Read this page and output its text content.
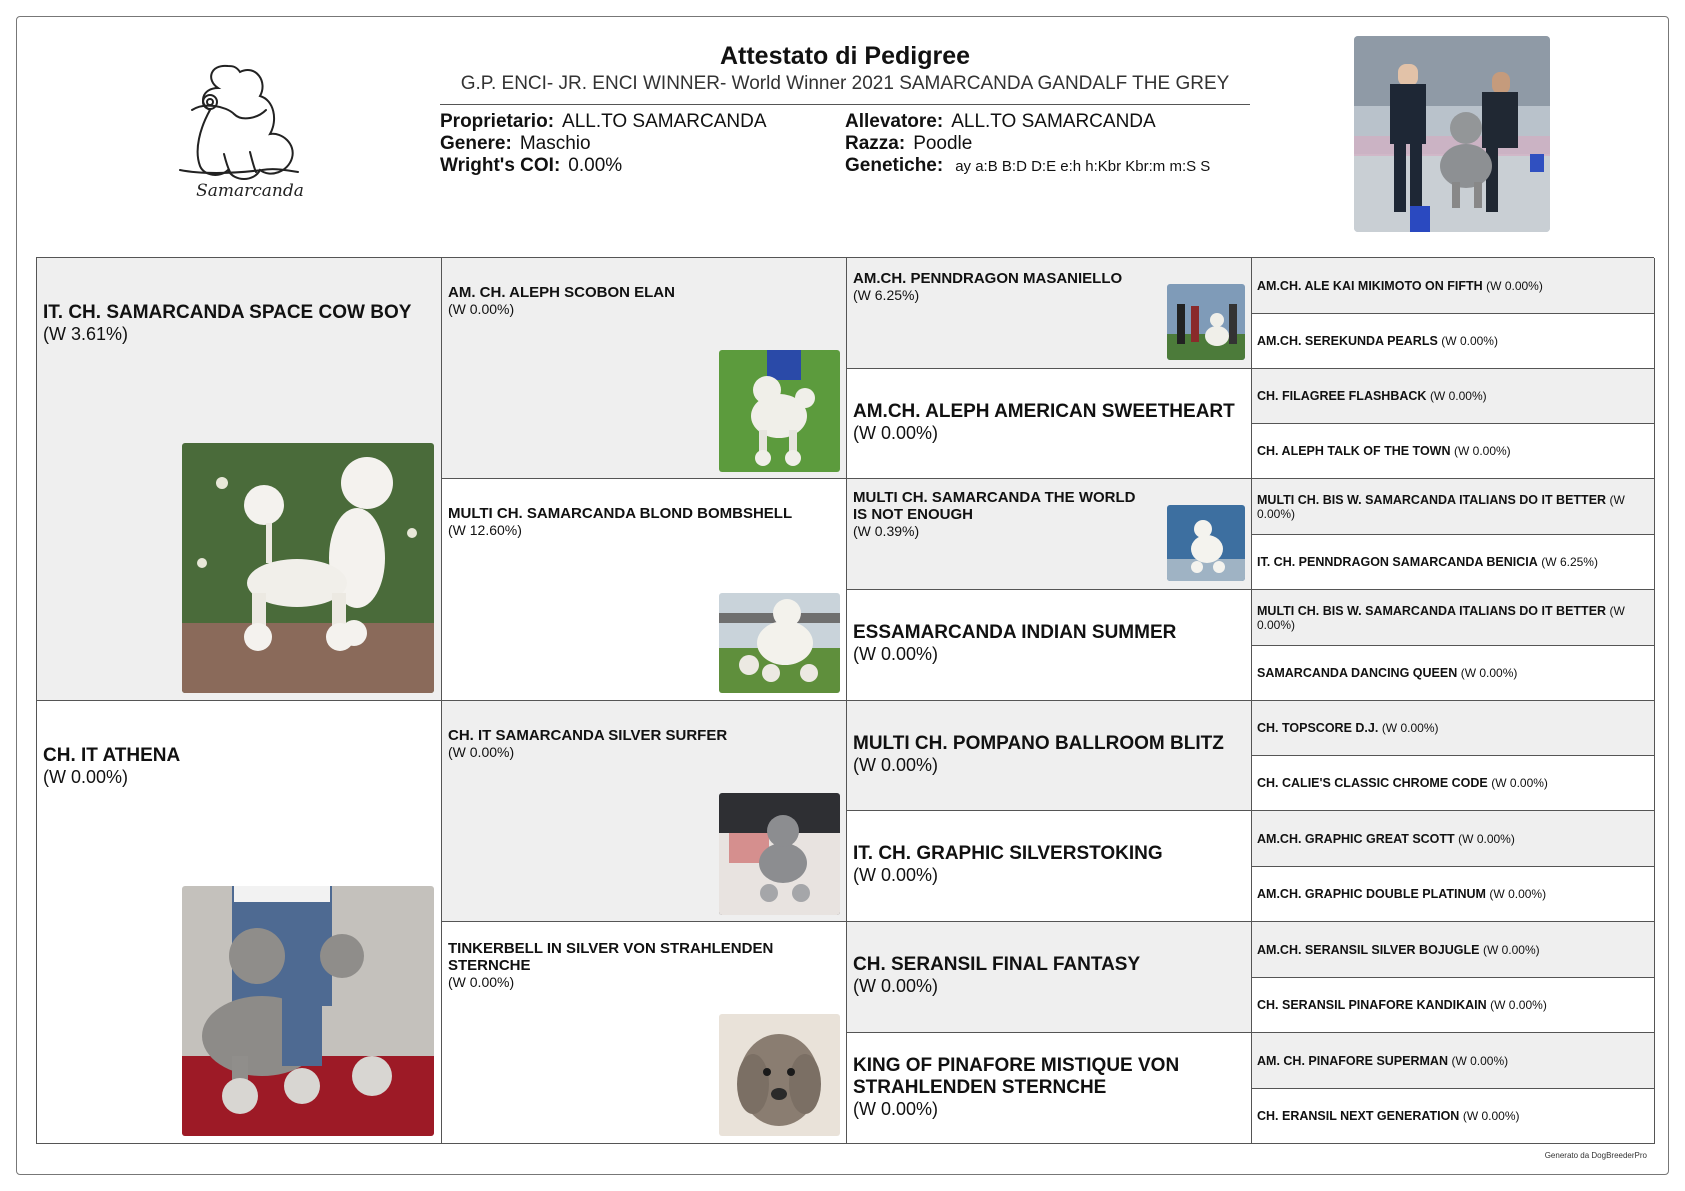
Samarcanda
Attestato di Pedigree
G.P. ENCI- JR. ENCI WINNER- World Winner 2021 SAMARCANDA GANDALF THE GREY
Proprietario: ALL.TO SAMARCANDA
Genere: Maschio
Wright's COI: 0.00%
Allevatore: ALL.TO SAMARCANDA
Razza: Poodle
Genetiche: ay a:B B:D D:E e:h h:Kbr Kbr:m m:S S
IT. CH. SAMARCANDA SPACE COW BOY
(W 3.61%)
CH. IT ATHENA
(W 0.00%)
AM. CH. ALEPH SCOBON ELAN
(W 0.00%)
MULTI CH. SAMARCANDA BLOND BOMBSHELL
(W 12.60%)
CH. IT SAMARCANDA SILVER SURFER
(W 0.00%)
TINKERBELL IN SILVER VON STRAHLENDEN STERNCHE
(W 0.00%)
AM.CH. PENNDRAGON MASANIELLO
(W 6.25%)
AM.CH. ALEPH AMERICAN SWEETHEART
(W 0.00%)
MULTI CH. SAMARCANDA THE WORLD IS NOT ENOUGH
(W 0.39%)
ESSAMARCANDA INDIAN SUMMER
(W 0.00%)
MULTI CH. POMPANO BALLROOM BLITZ
(W 0.00%)
IT. CH. GRAPHIC SILVERSTOKING
(W 0.00%)
CH. SERANSIL FINAL FANTASY
(W 0.00%)
KING OF PINAFORE MISTIQUE VON STRAHLENDEN STERNCHE
(W 0.00%)
AM.CH. ALE KAI MIKIMOTO ON FIFTH (W 0.00%)
AM.CH. SEREKUNDA PEARLS (W 0.00%)
CH. FILAGREE FLASHBACK (W 0.00%)
CH. ALEPH TALK OF THE TOWN (W 0.00%)
MULTI CH. BIS W. SAMARCANDA ITALIANS DO IT BETTER (W 0.00%)
IT. CH. PENNDRAGON SAMARCANDA BENICIA (W 6.25%)
MULTI CH. BIS W. SAMARCANDA ITALIANS DO IT BETTER (W 0.00%)
SAMARCANDA DANCING QUEEN (W 0.00%)
CH. TOPSCORE D.J. (W 0.00%)
CH. CALIE'S CLASSIC CHROME CODE (W 0.00%)
AM.CH. GRAPHIC GREAT SCOTT (W 0.00%)
AM.CH. GRAPHIC DOUBLE PLATINUM (W 0.00%)
AM.CH. SERANSIL SILVER BOJUGLE (W 0.00%)
CH. SERANSIL PINAFORE KANDIKAIN (W 0.00%)
AM. CH. PINAFORE SUPERMAN (W 0.00%)
CH. ERANSIL NEXT GENERATION (W 0.00%)
Generato da DogBreederPro
